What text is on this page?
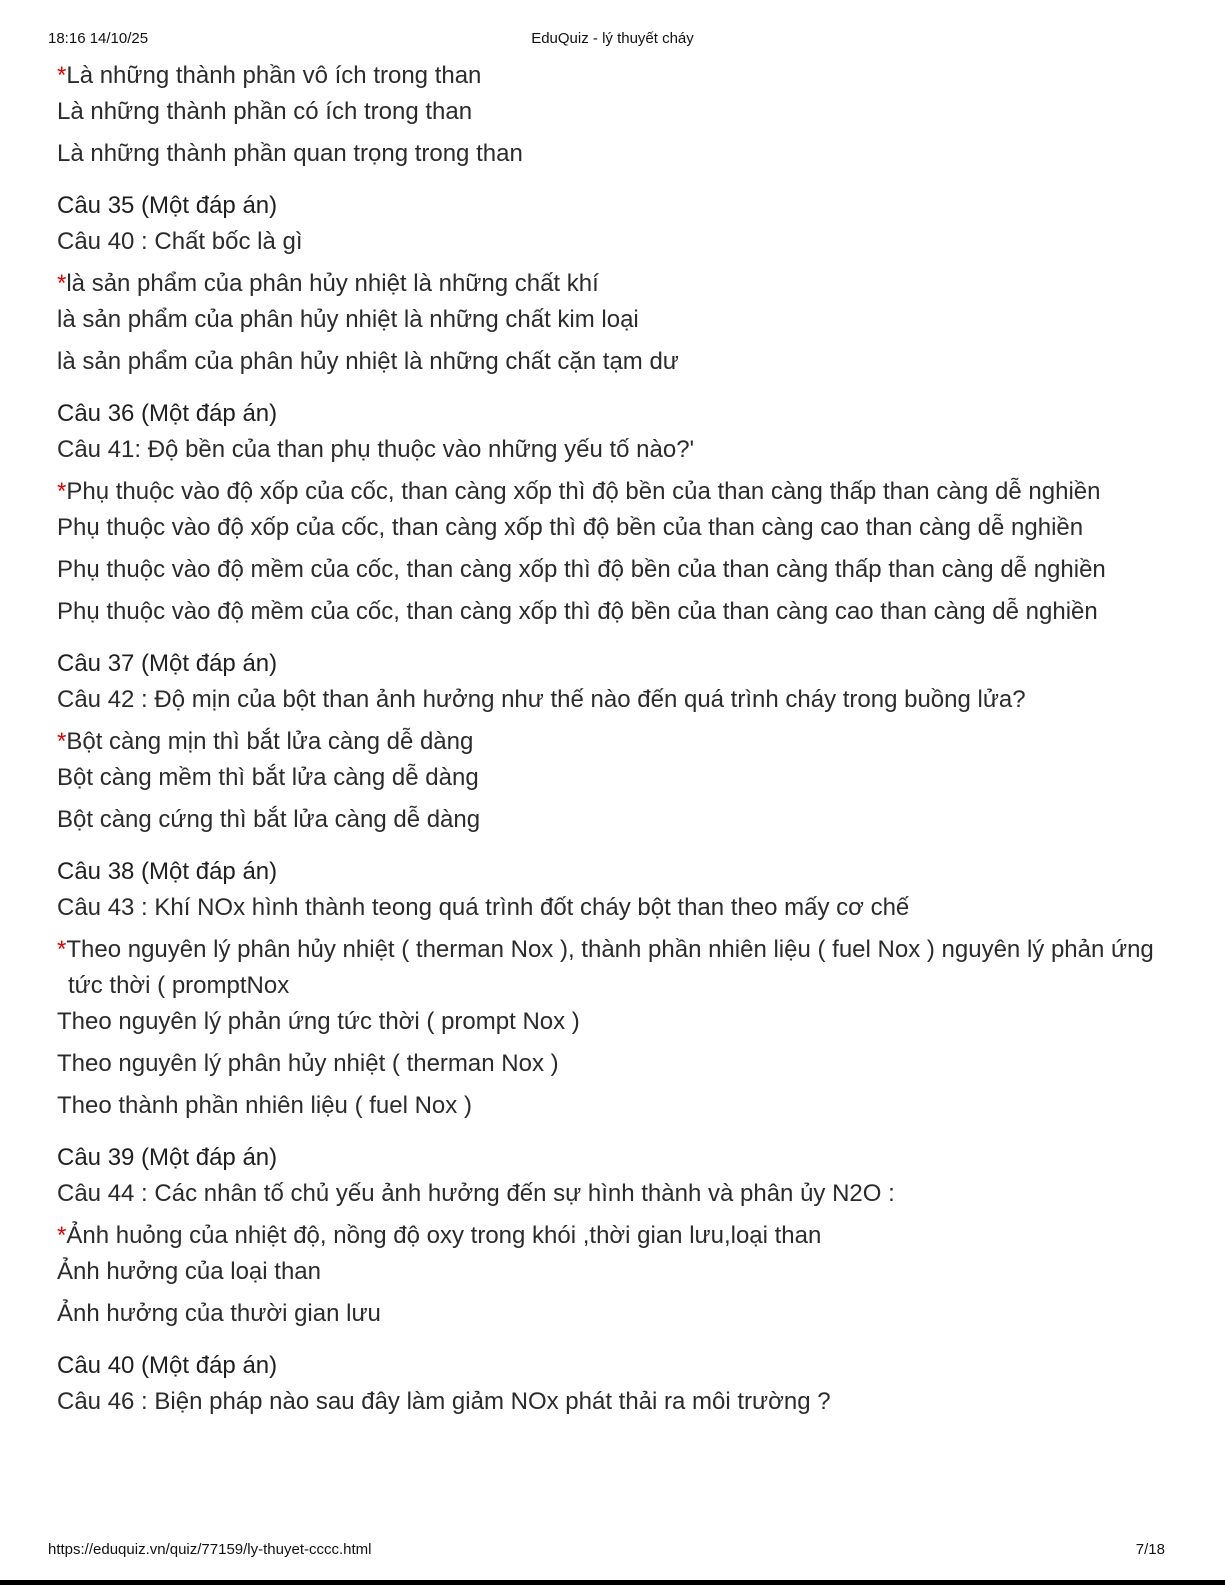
18:16 14/10/25	EduQuiz - lý thuyết cháy

*Là những thành phần vô ích trong than

Là những thành phần có ích trong than

Là những thành phần quan trọng trong than

Câu 35 (Một đáp án)
Câu 40 : Chất bốc là gì

*là sản phẩm của phân hủy nhiệt là những chất khí

là sản phẩm của phân hủy nhiệt là những chất kim loại

là sản phẩm của phân hủy nhiệt là những chất cặn tạm dư

Câu 36 (Một đáp án)
Câu 41: Độ bền của than phụ thuộc vào những yếu tố nào?'

*Phụ thuộc vào độ xốp của cốc, than càng xốp thì độ bền của than càng thấp than càng dễ nghiền

Phụ thuộc vào độ xốp của cốc, than càng xốp thì độ bền của than càng cao than càng dễ nghiền

Phụ thuộc vào độ mềm của cốc, than càng xốp thì độ bền của than càng thấp than càng dễ nghiền

Phụ thuộc vào độ mềm của cốc, than càng xốp thì độ bền của than càng cao than càng dễ nghiền

Câu 37 (Một đáp án)
Câu 42 : Độ mịn của bột than ảnh hưởng như thế nào đến quá trình cháy trong buồng lửa?

*Bột càng mịn thì bắt lửa càng dễ dàng

Bột càng mềm thì bắt lửa càng dễ dàng

Bột càng cứng thì bắt lửa càng dễ dàng

Câu 38 (Một đáp án)
Câu 43 : Khí NOx hình thành teong quá trình đốt cháy bột than theo mấy cơ chế

*Theo nguyên lý phân hủy nhiệt ( therman Nox ), thành phần nhiên liệu ( fuel Nox ) nguyên lý phản ứng tức thời ( promptNox

Theo nguyên lý phản ứng tức thời ( prompt Nox )

Theo nguyên lý phân hủy nhiệt ( therman Nox )

Theo thành phần nhiên liệu ( fuel Nox )

Câu 39 (Một đáp án)
Câu 44 : Các nhân tố chủ yếu ảnh hưởng đến sự hình thành và phân ủy N2O :

*Ảnh huỏng của nhiệt độ, nồng độ oxy trong khói ,thời gian lưu,loại than

Ảnh hưởng của loại than

Ảnh hưởng của thười gian lưu

Câu 40 (Một đáp án)
Câu 46 : Biện pháp nào sau đây làm giảm NOx phát thải ra môi trường ?
https://eduquiz.vn/quiz/77159/ly-thuyet-cccc.html	7/18
